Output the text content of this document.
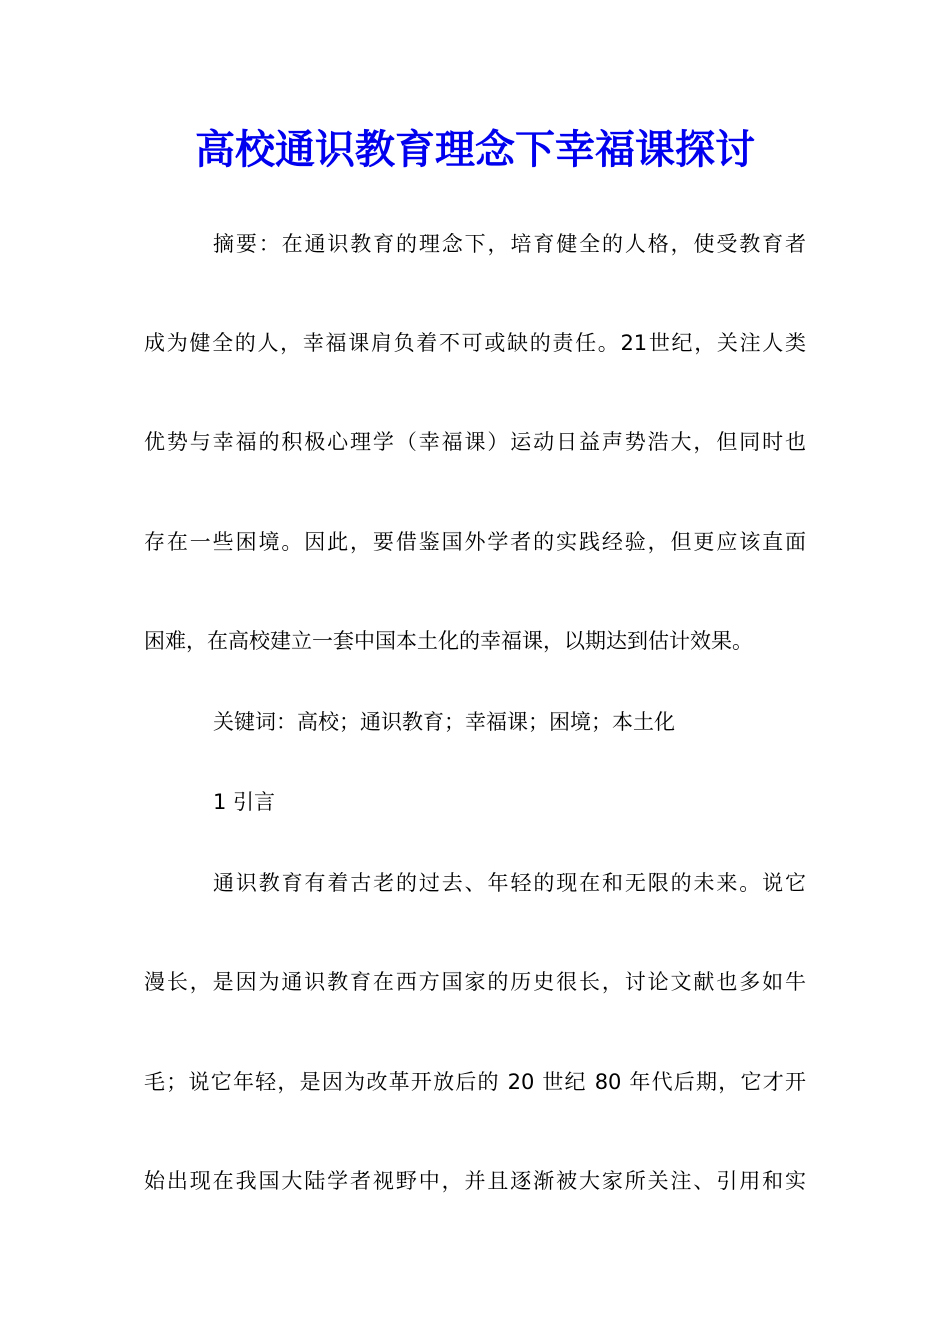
高校通识教育理念下幸福课探讨
摘要：在通识教育的理念下，培育健全的人格，使受教育者
成为健全的人，幸福课肩负着不可或缺的责任。21世纪，关注人类
优势与幸福的积极心理学（幸福课）运动日益声势浩大，但同时也
存在一些困境。因此，要借鉴国外学者的实践经验，但更应该直面
困难，在高校建立一套中国本土化的幸福课，以期达到估计效果。
关键词：高校；通识教育；幸福课；困境；本土化
1 引言
通识教育有着古老的过去、年轻的现在和无限的未来。说它
漫长，是因为通识教育在西方国家的历史很长，讨论文献也多如牛
毛；说它年轻，是因为改革开放后的 20 世纪 80 年代后期，它才开
始出现在我国大陆学者视野中，并且逐渐被大家所关注、引用和实
